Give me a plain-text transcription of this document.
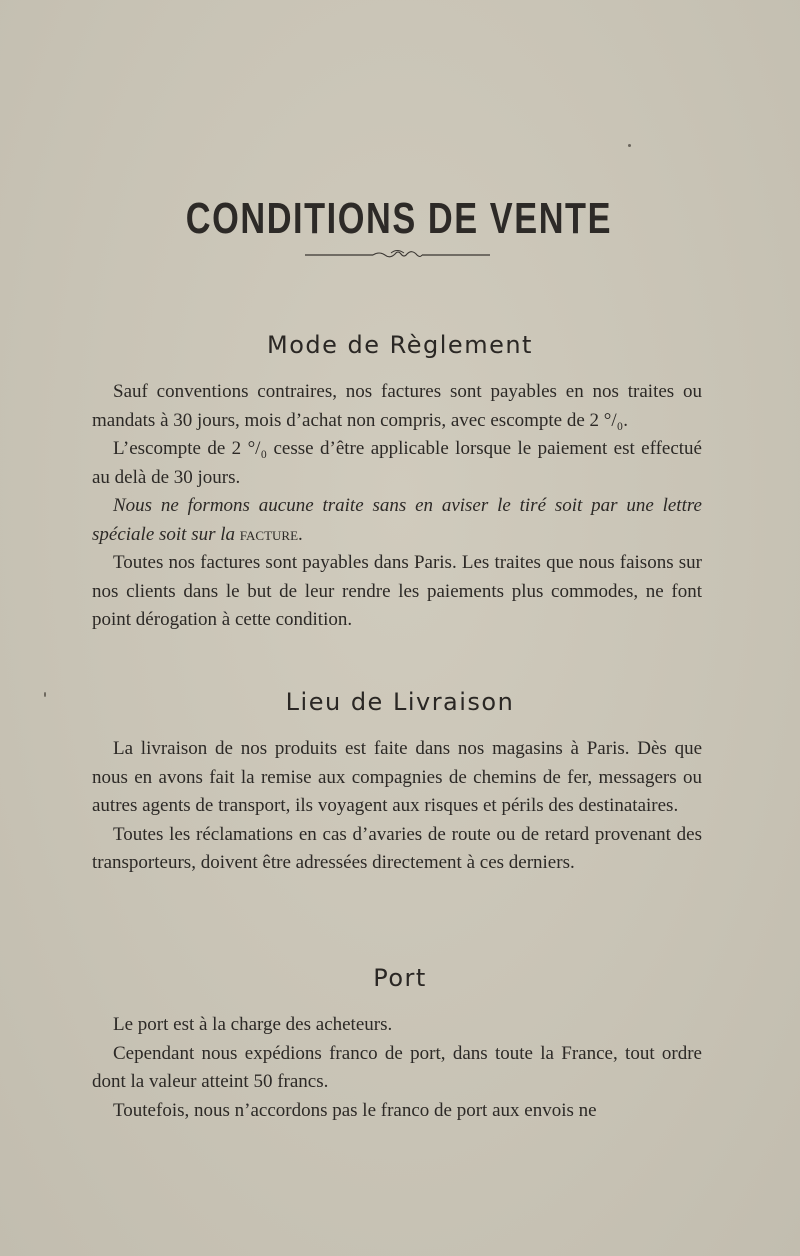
CONDITIONS DE VENTE
Mode de Règlement

Sauf conventions contraires, nos factures sont payables en nos traites ou mandats à 30 jours, mois d’achat non compris, avec escompte de 2 °/₀.

L’escompte de 2 °/₀ cesse d’être applicable lorsque le paiement est effectué au delà de 30 jours.

Nous ne formons aucune traite sans en aviser le tiré soit par une lettre spéciale soit sur la facture.

Toutes nos factures sont payables dans Paris. Les traites que nous faisons sur nos clients dans le but de leur rendre les paiements plus commodes, ne font point dérogation à cette condition.

Lieu de Livraison

La livraison de nos produits est faite dans nos magasins à Paris. Dès que nous en avons fait la remise aux compagnies de chemins de fer, messagers ou autres agents de transport, ils voyagent aux risques et périls des destinataires.

Toutes les réclamations en cas d’avaries de route ou de retard provenant des transporteurs, doivent être adressées directement à ces derniers.

Port

Le port est à la charge des acheteurs.

Cependant nous expédions franco de port, dans toute la France, tout ordre dont la valeur atteint 50 francs.

Toutefois, nous n’accordons pas le franco de port aux envois ne
